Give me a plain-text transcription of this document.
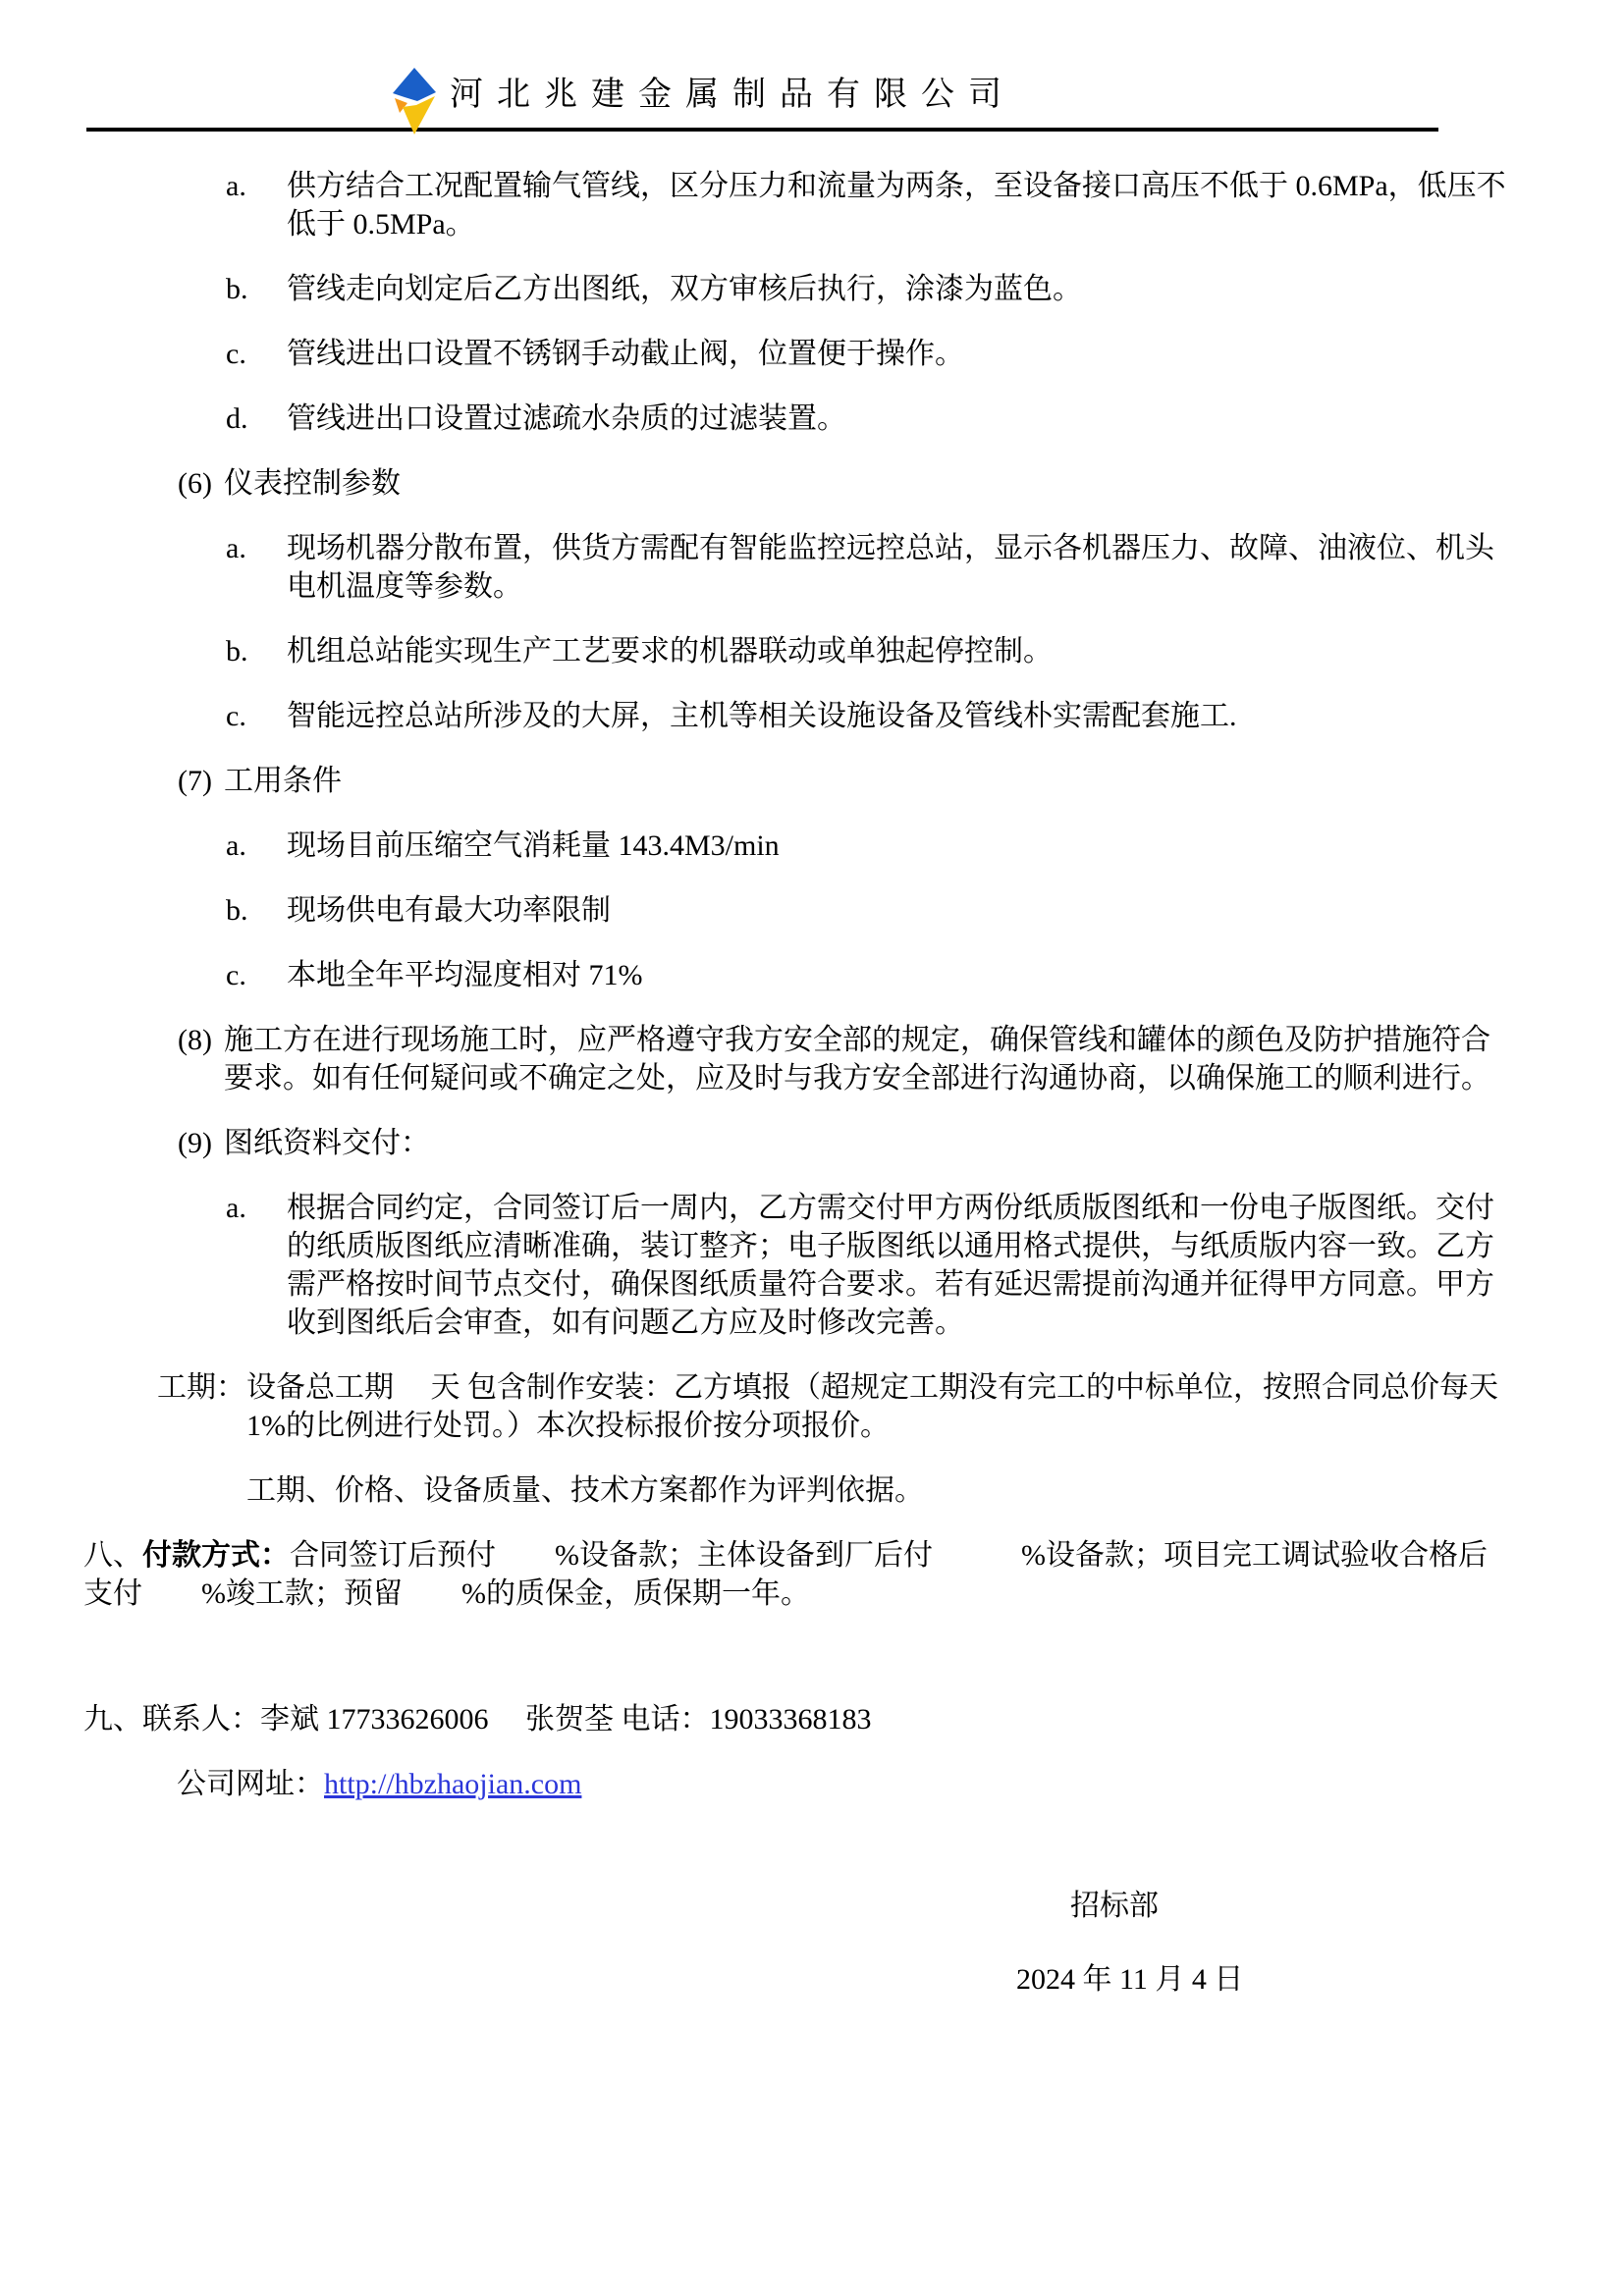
河北兆建金属制品有限公司
a. 供方结合工况配置输气管线，区分压力和流量为两条，至设备接口高压不低于 0.6MPa，低压不低于 0.5MPa。
b. 管线走向划定后乙方出图纸，双方审核后执行，涂漆为蓝色。
c. 管线进出口设置不锈钢手动截止阀，位置便于操作。
d. 管线进出口设置过滤疏水杂质的过滤装置。
(6) 仪表控制参数
a. 现场机器分散布置，供货方需配有智能监控远控总站，显示各机器压力、故障、油液位、机头电机温度等参数。
b. 机组总站能实现生产工艺要求的机器联动或单独起停控制。
c. 智能远控总站所涉及的大屏，主机等相关设施设备及管线朴实需配套施工.
(7) 工用条件
a. 现场目前压缩空气消耗量 143.4M3/min
b. 现场供电有最大功率限制
c. 本地全年平均湿度相对 71%
(8) 施工方在进行现场施工时，应严格遵守我方安全部的规定，确保管线和罐体的颜色及防护措施符合要求。如有任何疑问或不确定之处，应及时与我方安全部进行沟通协商，以确保施工的顺利进行。
(9) 图纸资料交付：
a. 根据合同约定，合同签订后一周内，乙方需交付甲方两份纸质版图纸和一份电子版图纸。交付的纸质版图纸应清晰准确，装订整齐；电子版图纸以通用格式提供，与纸质版内容一致。乙方需严格按时间节点交付，确保图纸质量符合要求。若有延迟需提前沟通并征得甲方同意。甲方收到图纸后会审查，如有问题乙方应及时修改完善。
工期： 设备总工期　 天 包含制作安装：乙方填报（超规定工期没有完工的中标单位，按照合同总价每天 1%的比例进行处罚。）本次投标报价按分项报价。
工期、价格、设备质量、技术方案都作为评判依据。
八、付款方式：合同签订后预付　　%设备款；主体设备到厂后付　　　%设备款；项目完工调试验收合格后支付　　%竣工款；预留　　%的质保金，质保期一年。
九、联系人：李斌 17733626006　 张贺荃 电话：19033368183
公司网址：http://hbzhaojian.com
招标部
2024 年 11 月 4 日
